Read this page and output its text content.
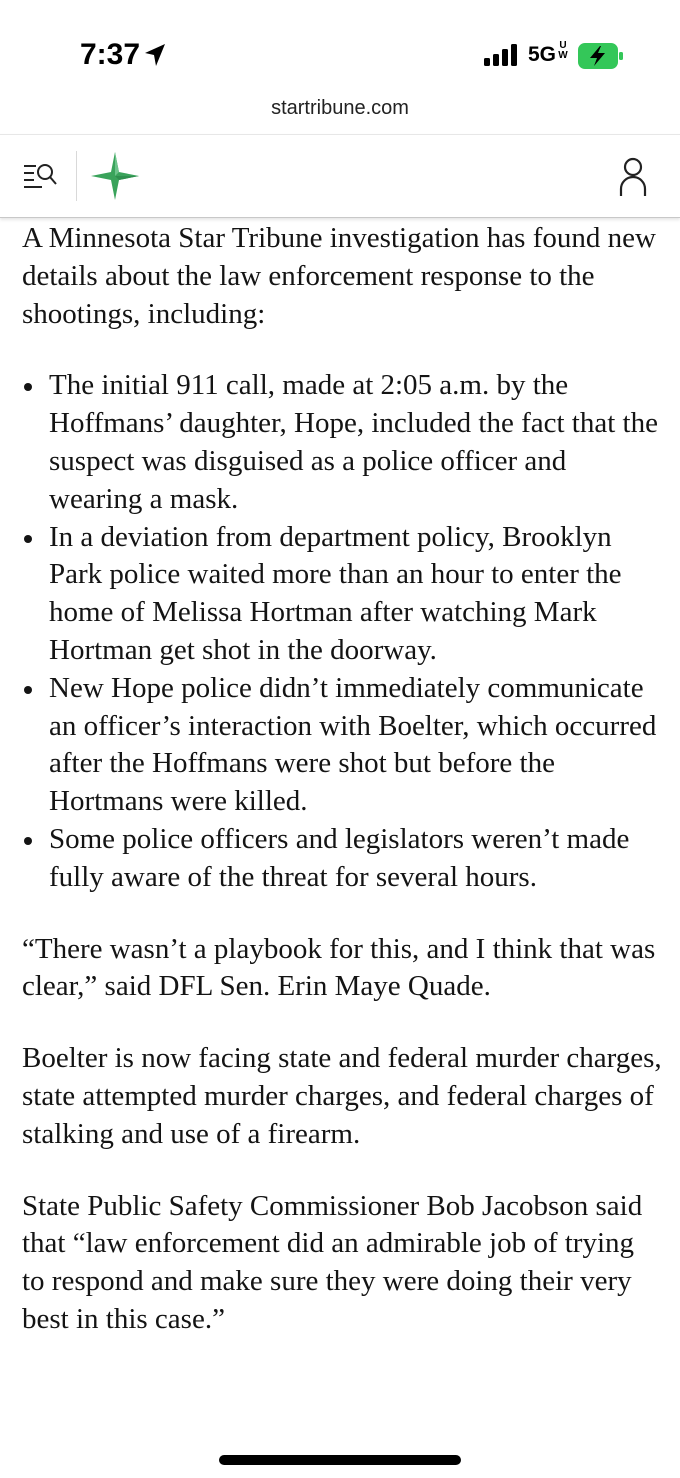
7:37	5G UW
startribune.com

A Minnesota Star Tribune investigation has found new details about the law enforcement response to the shootings, including:

The initial 911 call, made at 2:05 a.m. by the Hoffmans’ daughter, Hope, included the fact that the suspect was disguised as a police officer and wearing a mask.
In a deviation from department policy, Brooklyn Park police waited more than an hour to enter the home of Melissa Hortman after watching Mark Hortman get shot in the doorway.
New Hope police didn’t immediately communicate an officer’s interaction with Boelter, which occurred after the Hoffmans were shot but before the Hortmans were killed.
Some police officers and legislators weren’t made fully aware of the threat for several hours.

“There wasn’t a playbook for this, and I think that was clear,” said DFL Sen. Erin Maye Quade.

Boelter is now facing state and federal murder charges, state attempted murder charges, and federal charges of stalking and use of a firearm.

State Public Safety Commissioner Bob Jacobson said that “law enforcement did an admirable job of trying to respond and make sure they were doing their very best in this case.”
